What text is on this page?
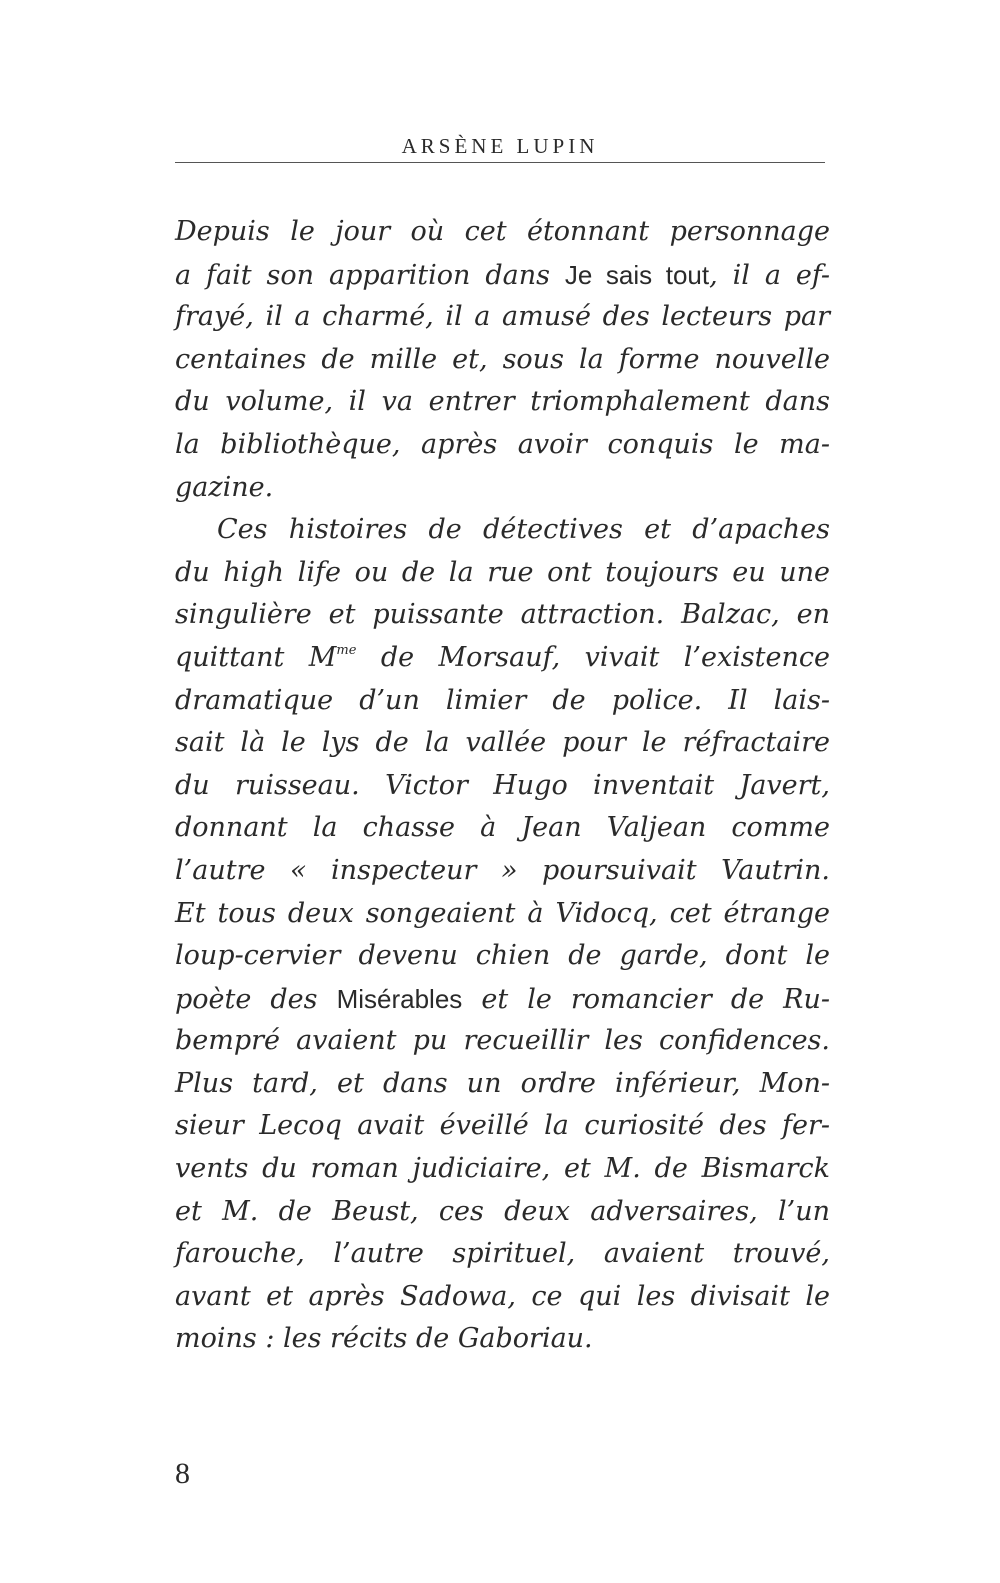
ARSÈNE LUPIN
Depuis le jour où cet étonnant personnage
a fait son apparition dans Je sais tout, il a ef-
frayé, il a charmé, il a amusé des lecteurs par
centaines de mille et, sous la forme nouvelle
du volume, il va entrer triomphalement dans
la bibliothèque, après avoir conquis le ma-
gazine.
Ces histoires de détectives et d’apaches
du high life ou de la rue ont toujours eu une
singulière et puissante attraction. Balzac, en
quittant $M^{me}$ de Morsauf, vivait l’existence
dramatique d’un limier de police. Il lais-
sait là le lys de la vallée pour le réfractaire
du ruisseau. Victor Hugo inventait Javert,
donnant la chasse à Jean Valjean comme
l’autre « inspecteur » poursuivait Vautrin.
Et tous deux songeaient à Vidocq, cet étrange
loup-cervier devenu chien de garde, dont le
poète des Misérables et le romancier de Ru-
bempré avaient pu recueillir les confidences.
Plus tard, et dans un ordre inférieur, Mon-
sieur Lecoq avait éveillé la curiosité des fer-
vents du roman judiciaire, et M. de Bismarck
et M. de Beust, ces deux adversaires, l’un
farouche, l’autre spirituel, avaient trouvé,
avant et après Sadowa, ce qui les divisait le
moins : les récits de Gaboriau.
8
